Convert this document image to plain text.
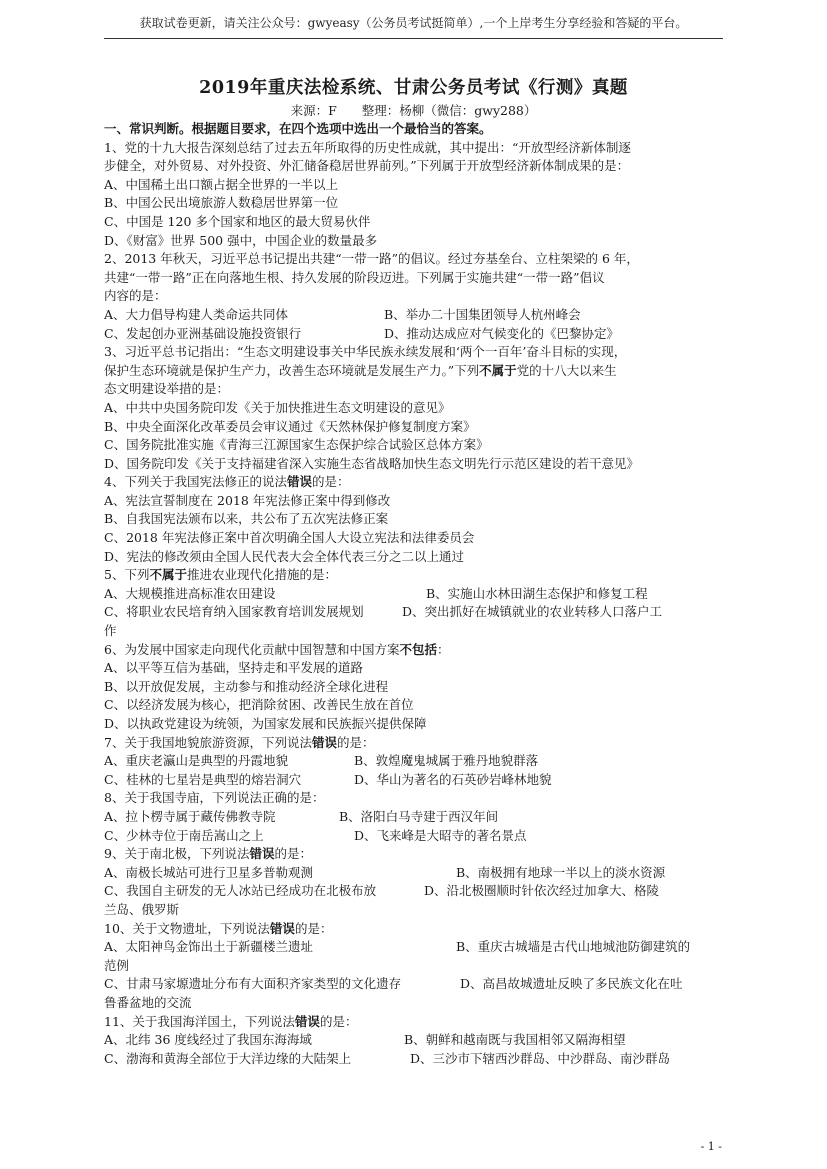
获取试卷更新，请关注公众号：gwyeasy（公务员考试挺简单）,一个上岸考生分享经验和答疑的平台。
2019年重庆法检系统、甘肃公务员考试《行测》真题
来源：F　　整理：杨柳（微信：gwy288）
一、常识判断。根据题目要求，在四个选项中选出一个最恰当的答案。
1、党的十九大报告深刻总结了过去五年所取得的历史性成就，其中提出：“开放型经济新体制逐
步健全，对外贸易、对外投资、外汇储备稳居世界前列。”下列属于开放型经济新体制成果的是：
A、中国稀土出口额占据全世界的一半以上
B、中国公民出境旅游人数稳居世界第一位
C、中国是 120 多个国家和地区的最大贸易伙伴
D、《财富》世界 500 强中，中国企业的数量最多
2、2013 年秋天，习近平总书记提出共建“一带一路”的倡议。经过夯基垒台、立柱架梁的 6 年，
共建“一带一路”正在向落地生根、持久发展的阶段迈进。下列属于实施共建“一带一路”倡议
内容的是：
A、大力倡导构建人类命运共同体	B、举办二十国集团领导人杭州峰会
C、发起创办亚洲基础设施投资银行	D、推动达成应对气候变化的《巴黎协定》
3、习近平总书记指出：“生态文明建设事关中华民族永续发展和‘两个一百年’奋斗目标的实现，
保护生态环境就是保护生产力，改善生态环境就是发展生产力。”下列 不属于 党的十八大以来生
态文明建设举措的是：
A、中共中央国务院印发《关于加快推进生态文明建设的意见》
B、中央全面深化改革委员会审议通过《天然林保护修复制度方案》
C、国务院批准实施《青海三江源国家生态保护综合试验区总体方案》
D、国务院印发《关于支持福建省深入实施生态省战略加快生态文明先行示范区建设的若干意见》
4、下列关于我国宪法修正的说法 错误 的是：
A、宪法宣誓制度在 2018 年宪法修正案中得到修改
B、自我国宪法颁布以来，共公布了五次宪法修正案
C、2018 年宪法修正案中首次明确全国人大设立宪法和法律委员会
D、宪法的修改须由全国人民代表大会全体代表三分之二以上通过
5、下列 不属于 推进农业现代化措施的是：
A、大规模推进高标准农田建设	B、实施山水林田湖生态保护和修复工程
C、将职业农民培育纳入国家教育培训发展规划	D、突出抓好在城镇就业的农业转移人口落户工
作
6、为发展中国家走向现代化贡献中国智慧和中国方案 不包括 ：
A、以平等互信为基础，坚持走和平发展的道路
B、以开放促发展，主动参与和推动经济全球化进程
C、以经济发展为核心，把消除贫困、改善民生放在首位
D、以执政党建设为统领，为国家发展和民族振兴提供保障
7、关于我国地貌旅游资源，下列说法 错误 的是：
A、重庆老瀛山是典型的丹霞地貌	B、敦煌魔鬼城属于雅丹地貌群落
C、桂林的七星岩是典型的熔岩洞穴	D、华山为著名的石英砂岩峰林地貌
8、关于我国寺庙，下列说法正确的是：
A、拉卜楞寺属于藏传佛教寺院	B、洛阳白马寺建于西汉年间
C、少林寺位于南岳嵩山之上	D、飞来峰是大昭寺的著名景点
9、关于南北极，下列说法 错误 的是：
A、南极长城站可进行卫星多普勒观测	B、南极拥有地球一半以上的淡水资源
C、我国自主研发的无人冰站已经成功在北极布放	D、沿北极圈顺时针依次经过加拿大、格陵
兰岛、俄罗斯
10、关于文物遗址，下列说法 错误 的是：
A、太阳神鸟金饰出土于新疆楼兰遗址	B、重庆古城墙是古代山地城池防御建筑的
范例
C、甘肃马家塬遗址分布有大面积齐家类型的文化遗存	D、高昌故城遗址反映了多民族文化在吐
鲁番盆地的交流
11、关于我国海洋国土，下列说法 错误 的是：
A、北纬 36 度线经过了我国东海海域	B、朝鲜和越南既与我国相邻又隔海相望
C、渤海和黄海全部位于大洋边缘的大陆架上	D、三沙市下辖西沙群岛、中沙群岛、南沙群岛
- 1 -
